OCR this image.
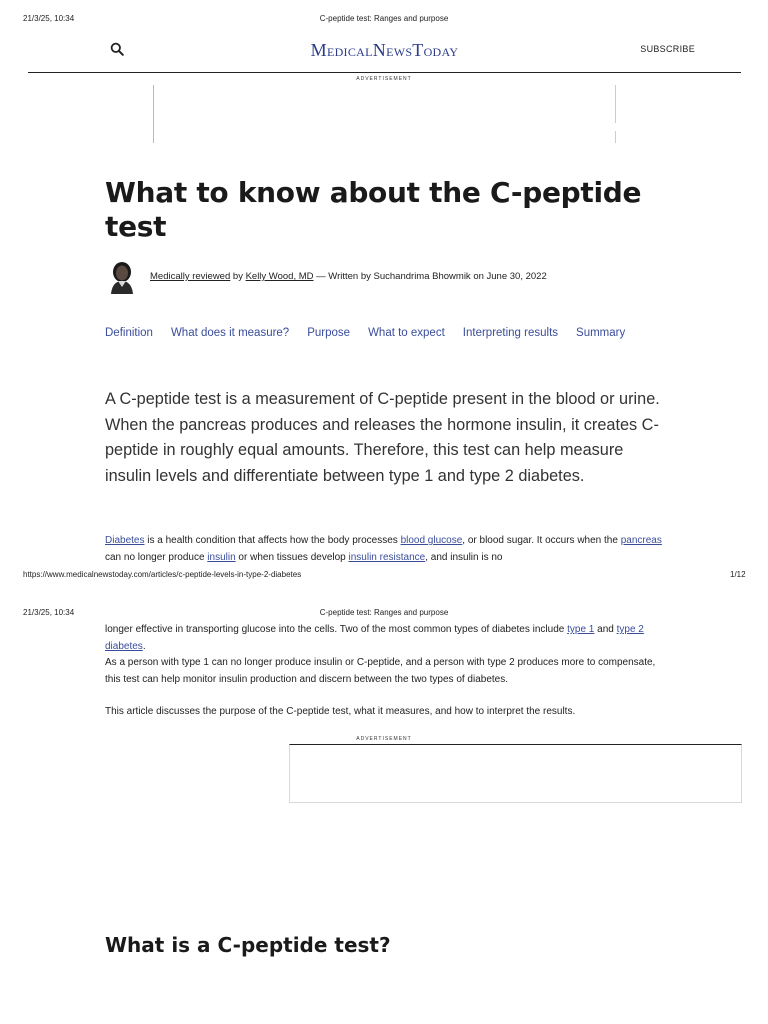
21/3/25, 10:34	C-peptide test: Ranges and purpose
MEDICALNEWSTODAY	SUBSCRIBE
ADVERTISEMENT
What to know about the C-peptide test
Medically reviewed by Kelly Wood, MD — Written by Suchandrima Bhowmik on June 30, 2022
Definition What does it measure? Purpose What to expect Interpreting results Summary

A C-peptide test is a measurement of C-peptide present in the blood or urine. When the pancreas produces and releases the hormone insulin, it creates C-peptide in roughly equal amounts. Therefore, this test can help measure insulin levels and differentiate between type 1 and type 2 diabetes.

Diabetes is a health condition that affects how the body processes blood glucose, or blood sugar. It occurs when the pancreas can no longer produce insulin or when tissues develop insulin resistance, and insulin is no

https://www.medicalnewstoday.com/articles/c-peptide-levels-in-type-2-diabetes	1/12
21/3/25, 10:34	C-peptide test: Ranges and purpose

longer effective in transporting glucose into the cells. Two of the most common types of diabetes include type 1 and type 2 diabetes.

As a person with type 1 can no longer produce insulin or C-peptide, and a person with type 2 produces more to compensate, this test can help monitor insulin production and discern between the two types of diabetes.

This article discusses the purpose of the C-peptide test, what it measures, and how to interpret the results.

ADVERTISEMENT
What is a C-peptide test?
